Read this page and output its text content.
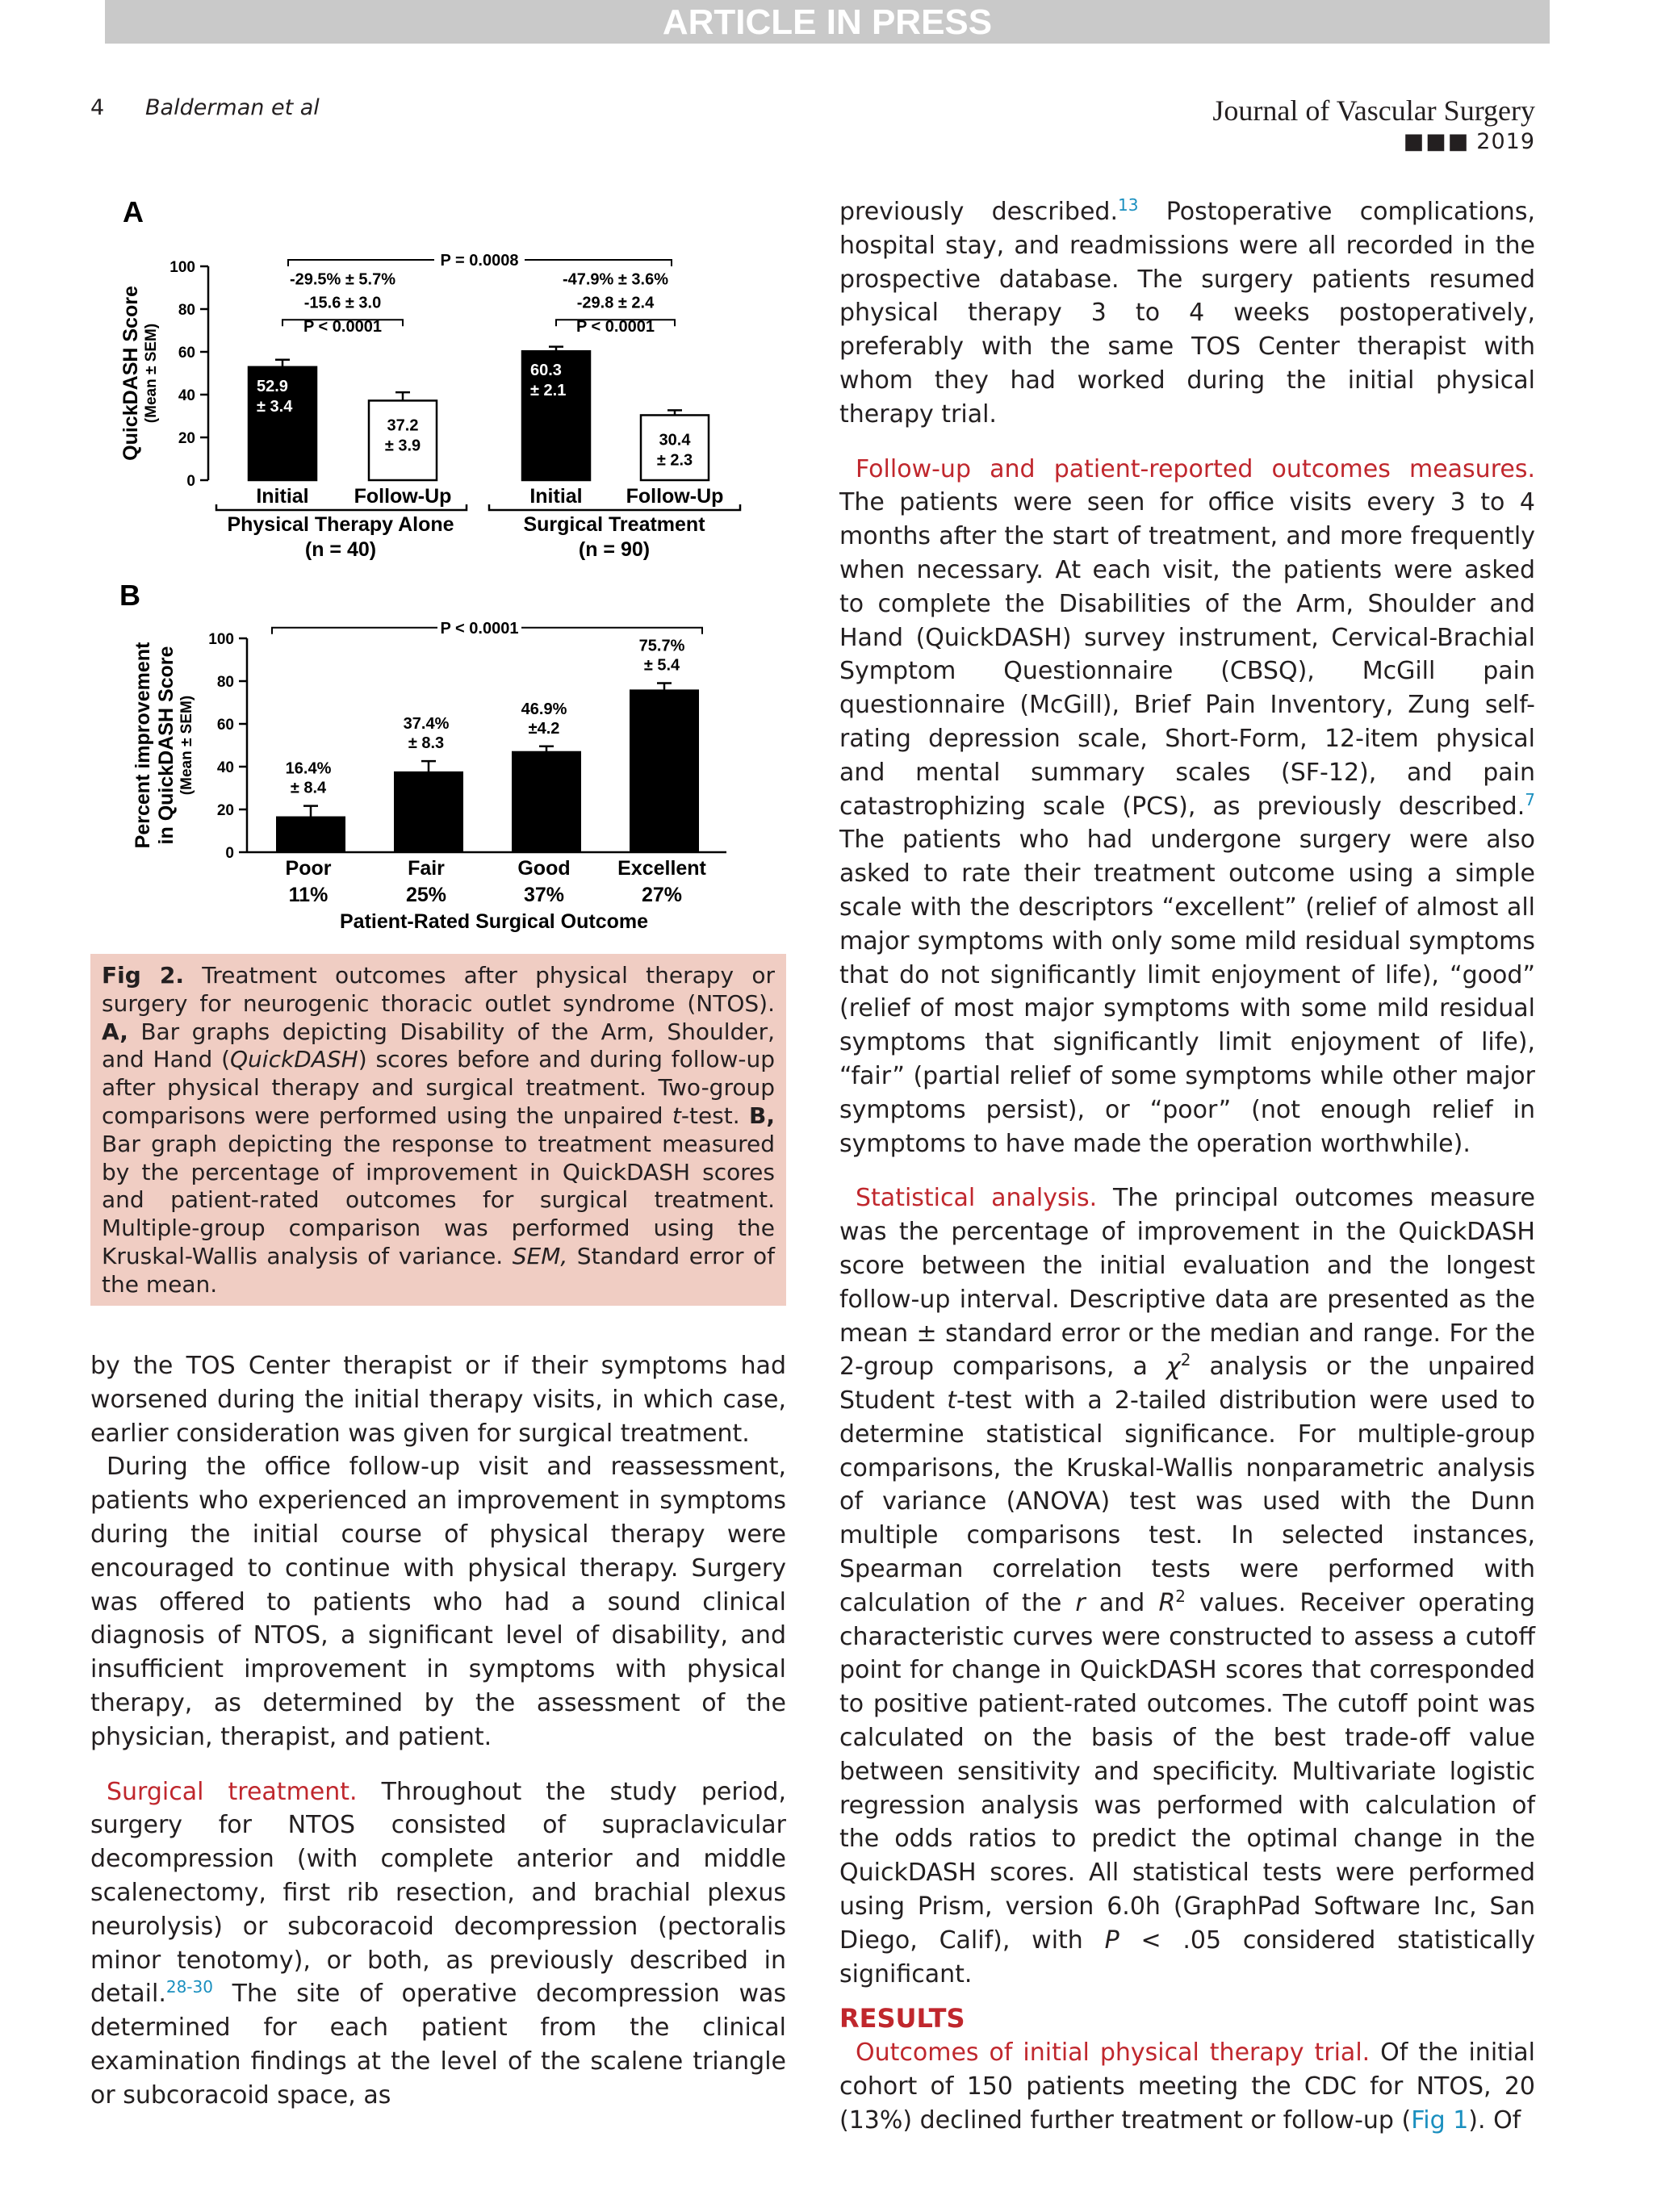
ARTICLE IN PRESS
4 Balderman et al	Journal of Vascular Surgery
■■■ 2019
A
0
20
40
60
80
100
QuickDASH Score (Mean ± SEM)	52.9
± 3.4
Initial
37.2
± 3.9
Follow-Up
60.3
± 2.1
Initial
30.4
± 2.3
Follow-Up
Physical Therapy Alone
(n = 40)
-29.5% ± 5.7%
-15.6 ± 3.0
P < 0.0001
Surgical Treatment
(n = 90)
-47.9% ± 3.6%
-29.8 ± 2.4
P < 0.0001
P = 0.0008
B
0
20
40
60
80
100
Percent improvement in QuickDASH Score (Mean ± SEM)	16.4%
± 8.4
Poor
11%
37.4%
± 8.3
Fair
25%
46.9%
±4.2
Good
37%
75.7%
± 5.4
Excellent
27%
Patient-Rated Surgical Outcome
P < 0.0001

Fig 2. Treatment outcomes after physical therapy or surgery for neurogenic thoracic outlet syndrome (NTOS). A, Bar graphs depicting Disability of the Arm, Shoulder, and Hand (QuickDASH) scores before and during follow-up after physical therapy and surgical treatment. Two-group comparisons were performed using the unpaired t-test. B, Bar graph depicting the response to treatment measured by the percentage of improvement in QuickDASH scores and patient-rated outcomes for surgical treatment. Multiple-group comparison was performed using the Kruskal-Wallis analysis of variance. SEM, Standard error of the mean.

by the TOS Center therapist or if their symptoms had worsened during the initial therapy visits, in which case, earlier consideration was given for surgical treatment.

During the office follow-up visit and reassessment, patients who experienced an improvement in symptoms during the initial course of physical therapy were encouraged to continue with physical therapy. Surgery was offered to patients who had a sound clinical diagnosis of NTOS, a significant level of disability, and insufficient improvement in symptoms with physical therapy, as determined by the assessment of the physician, therapist, and patient.

Surgical treatment. Throughout the study period, surgery for NTOS consisted of supraclavicular decompression (with complete anterior and middle scalenectomy, first rib resection, and brachial plexus neurolysis) or subcoracoid decompression (pectoralis minor tenotomy), or both, as previously described in detail.$^{28-30}$ The site of operative decompression was determined for each patient from the clinical examination findings at the level of the scalene triangle or subcoracoid space, as

previously described.$^{13}$ Postoperative complications, hospital stay, and readmissions were all recorded in the prospective database. The surgery patients resumed physical therapy 3 to 4 weeks postoperatively, preferably with the same TOS Center therapist with whom they had worked during the initial physical therapy trial.

Follow-up and patient-reported outcomes measures. The patients were seen for office visits every 3 to 4 months after the start of treatment, and more frequently when necessary. At each visit, the patients were asked to complete the Disabilities of the Arm, Shoulder and Hand (QuickDASH) survey instrument, Cervical-Brachial Symptom Questionnaire (CBSQ), McGill pain questionnaire (McGill), Brief Pain Inventory, Zung self-rating depression scale, Short-Form, 12-item physical and mental summary scales (SF-12), and pain catastrophizing scale (PCS), as previously described.$^7$ The patients who had undergone surgery were also asked to rate their treatment outcome using a simple scale with the descriptors “excellent” (relief of almost all major symptoms with only some mild residual symptoms that do not significantly limit enjoyment of life), “good” (relief of most major symptoms with some mild residual symptoms that significantly limit enjoyment of life), “fair” (partial relief of some symptoms while other major symptoms persist), or “poor” (not enough relief in symptoms to have made the operation worthwhile).

Statistical analysis. The principal outcomes measure was the percentage of improvement in the QuickDASH score between the initial evaluation and the longest follow-up interval. Descriptive data are presented as the mean ± standard error or the median and range. For the 2-group comparisons, a $\chi^2$ analysis or the unpaired Student t-test with a 2-tailed distribution were used to determine statistical significance. For multiple-group comparisons, the Kruskal-Wallis nonparametric analysis of variance (ANOVA) test was used with the Dunn multiple comparisons test. In selected instances, Spearman correlation tests were performed with calculation of the r and $R^2$ values. Receiver operating characteristic curves were constructed to assess a cutoff point for change in QuickDASH scores that corresponded to positive patient-rated outcomes. The cutoff point was calculated on the basis of the best trade-off value between sensitivity and specificity. Multivariate logistic regression analysis was performed with calculation of the odds ratios to predict the optimal change in the QuickDASH scores. All statistical tests were performed using Prism, version 6.0h (GraphPad Software Inc, San Diego, Calif), with P < .05 considered statistically significant.

RESULTS

Outcomes of initial physical therapy trial. Of the initial cohort of 150 patients meeting the CDC for NTOS, 20 (13%) declined further treatment or follow-up (Fig 1). Of
